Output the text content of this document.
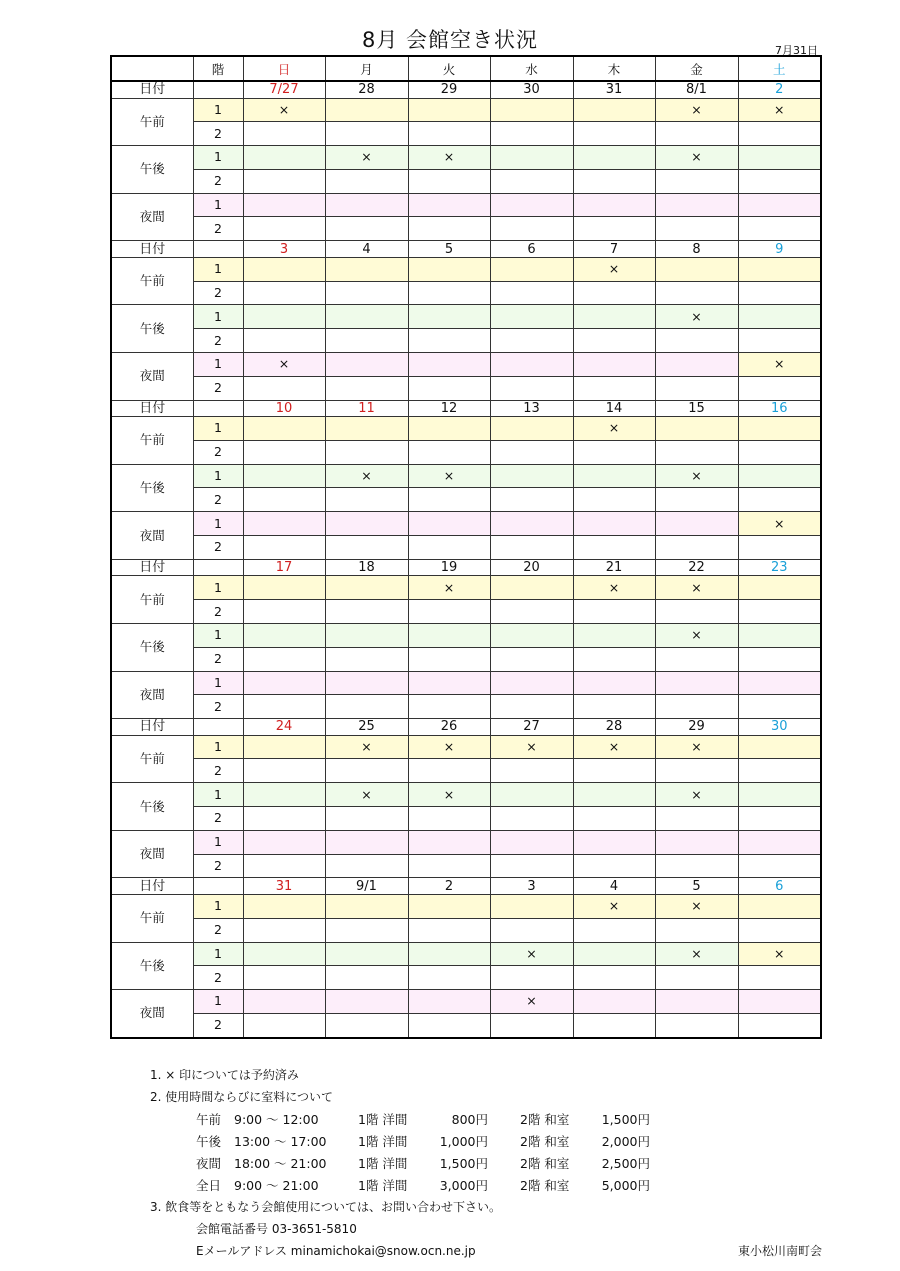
8月 会館空き状況	7月31日
	階	日	月	火	水	木	金	土
日付		7/27	28	29	30	31	8/1	2
午前	1	×					×	×
	2							
午後	1		×	×			×	
	2							
夜間	1							
	2							
日付		3	4	5	6	7	8	9
午前	1					×		
	2							
午後	1						×	
	2							
夜間	1	×						×
	2							
日付		10	11	12	13	14	15	16
午前	1					×		
	2							
午後	1		×	×			×	
	2							
夜間	1							×
	2							
日付		17	18	19	20	21	22	23
午前	1			×		×	×	
	2							
午後	1						×	
	2							
夜間	1							
	2							
日付		24	25	26	27	28	29	30
午前	1		×	×	×	×	×	
	2							
午後	1		×	×			×	
	2							
夜間	1							
	2							
日付		31	9/1	2	3	4	5	6
午前	1					×	×	
	2							
午後	1				×		×	×
	2							
夜間	1				×			
	2							
1. × 印については予約済み
2. 使用時間ならびに室料について
午前 9:00 ～ 12:00	1階 洋間	800円	2階 和室	1,500円
午後 13:00 ～ 17:00	1階 洋間	1,000円	2階 和室	2,000円
夜間 18:00 ～ 21:00	1階 洋間	1,500円	2階 和室	2,500円
全日 9:00 ～ 21:00	1階 洋間	3,000円	2階 和室	5,000円
3. 飲食等をともなう会館使用については、お問い合わせ下さい。
会館電話番号 03-3651-5810
Eメールアドレス minamichokai@snow.ocn.ne.jp	東小松川南町会
